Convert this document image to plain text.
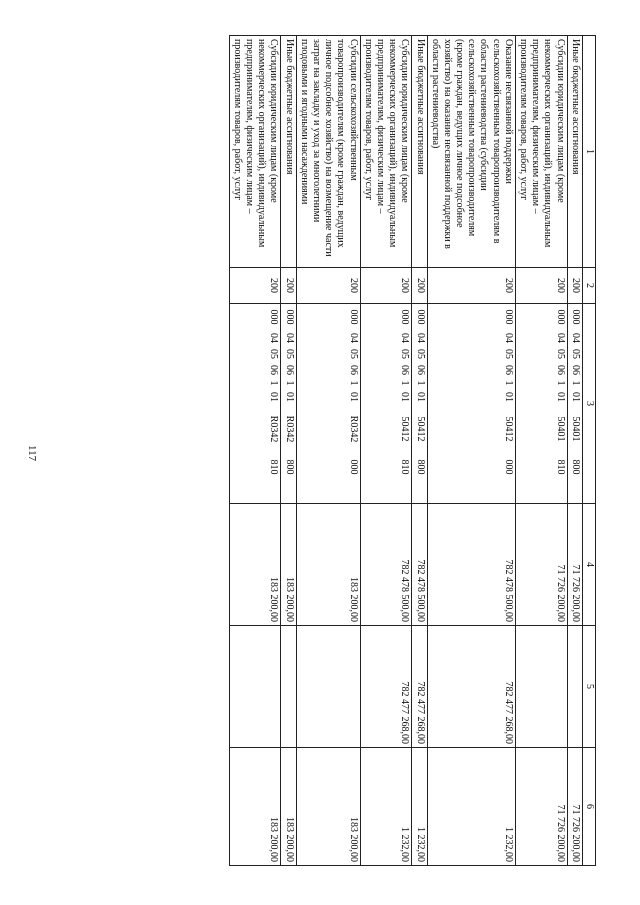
117
1	2	3	4	5	6
Иные бюджетные ассигнования	200	00004050610150401800	71 726 200,00		71 726 200,00
Субсидии юридическим лицам (кроме некоммерческих организаций), индивидуальным предпринимателям, физическим лицам – производителям товаров, работ, услуг	200	00004050610150401810	71 726 200,00		71 726 200,00
Оказание несвязанной поддержки сельскохозяйственным товаропроизводителям в области растениеводства (субсидии сельскохозяйственным товаропроизводителям (кроме граждан, ведущих личное подсобное хозяйство) на оказание несвязанной поддержки в области растениеводства)	200	00004050610150412000	782 478 500,00	782 477 268,00	1 232,00
Иные бюджетные ассигнования	200	00004050610150412800	782 478 500,00	782 477 268,00	1 232,00
Субсидии юридическим лицам (кроме некоммерческих организаций), индивидуальным предпринимателям, физическим лицам – производителям товаров, работ, услуг	200	00004050610150412810	782 478 500,00	782 477 268,00	1 232,00
Субсидии сельскохозяйственным товаропроизводителям (кроме граждан, ведущих личное подсобное хозяйство) на возмещение части затрат на закладку и уход за многолетними плодовыми и ягодными насаждениями	200	000040506101R0342000	183 200,00		183 200,00
Иные бюджетные ассигнования	200	000040506101R0342800	183 200,00		183 200,00
Субсидии юридическим лицам (кроме некоммерческих организаций), индивидуальным предпринимателям, физическим лицам – производителям товаров, работ, услуг	200	000040506101R0342810	183 200,00		183 200,00
